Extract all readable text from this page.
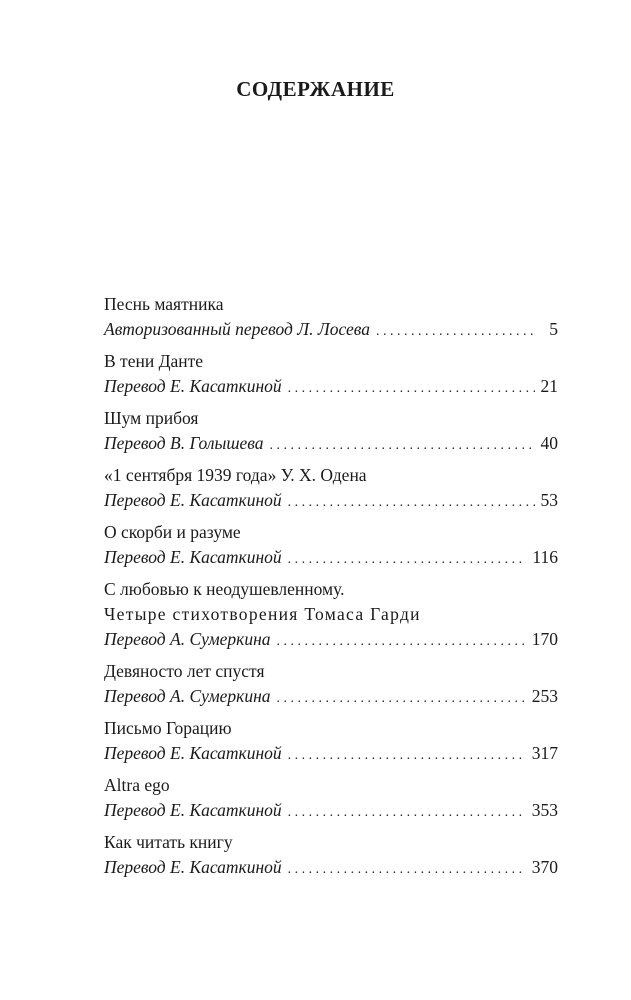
СОДЕРЖАНИЕ
Песнь маятника
Авторизованный перевод Л. Лосева . . .	5
В тени Данте
Перевод Е. Касаткиной . . .	21
Шум прибоя
Перевод В. Голышева . . .	40
«1 сентября 1939 года» У. Х. Одена
Перевод Е. Касаткиной . . .	53
О скорби и разуме
Перевод Е. Касаткиной . . .	116
С любовью к неодушевленному.
Четыре стихотворения Томаса Гарди
Перевод А. Сумеркина . . .	170
Девяносто лет спустя
Перевод А. Сумеркина . . .	253
Письмо Горацию
Перевод Е. Касаткиной . . .	317
Altra ego
Перевод Е. Касаткиной . . .	353
Как читать книгу
Перевод Е. Касаткиной . . .	370
